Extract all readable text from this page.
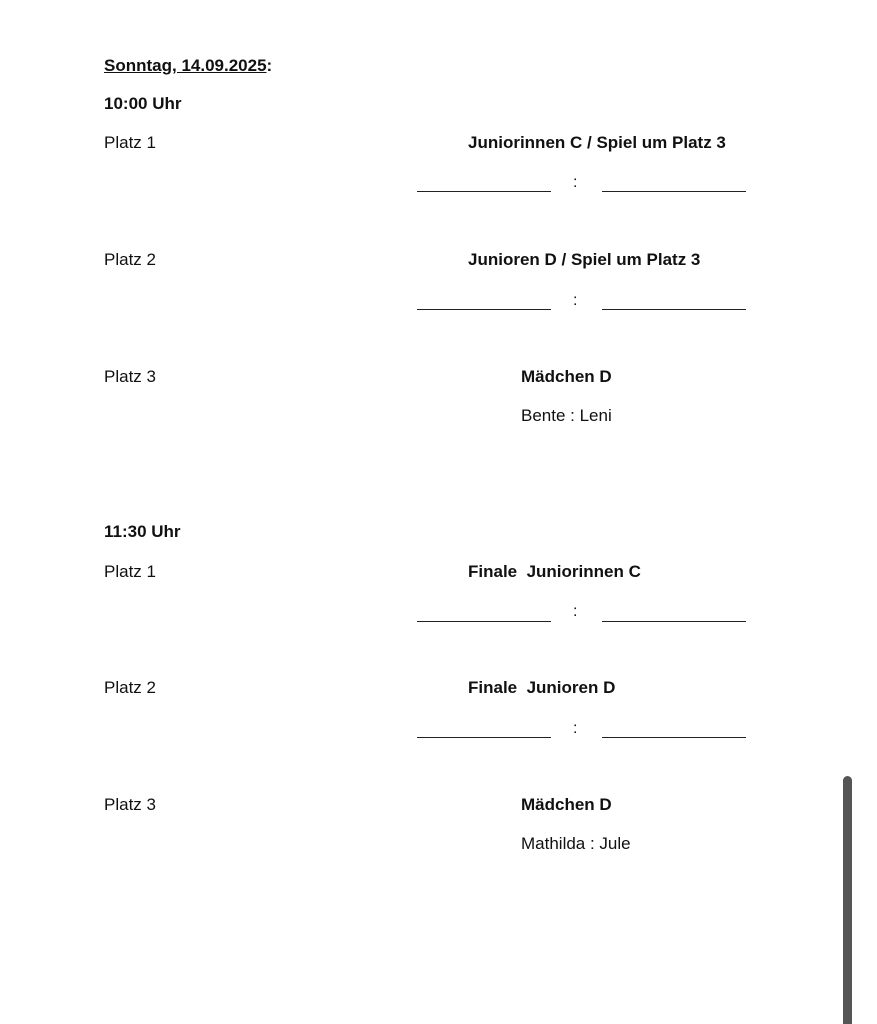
Sonntag, 14.09.2025:
10:00 Uhr
Platz 1	Juniorinnen C / Spiel um Platz 3
:
Platz 2	Junioren D / Spiel um Platz 3
:
Platz 3	Mädchen D
Bente : Leni
11:30 Uhr
Platz 1	Finale  Juniorinnen C
:
Platz 2	Finale  Junioren D
:
Platz 3	Mädchen D
Mathilda : Jule
